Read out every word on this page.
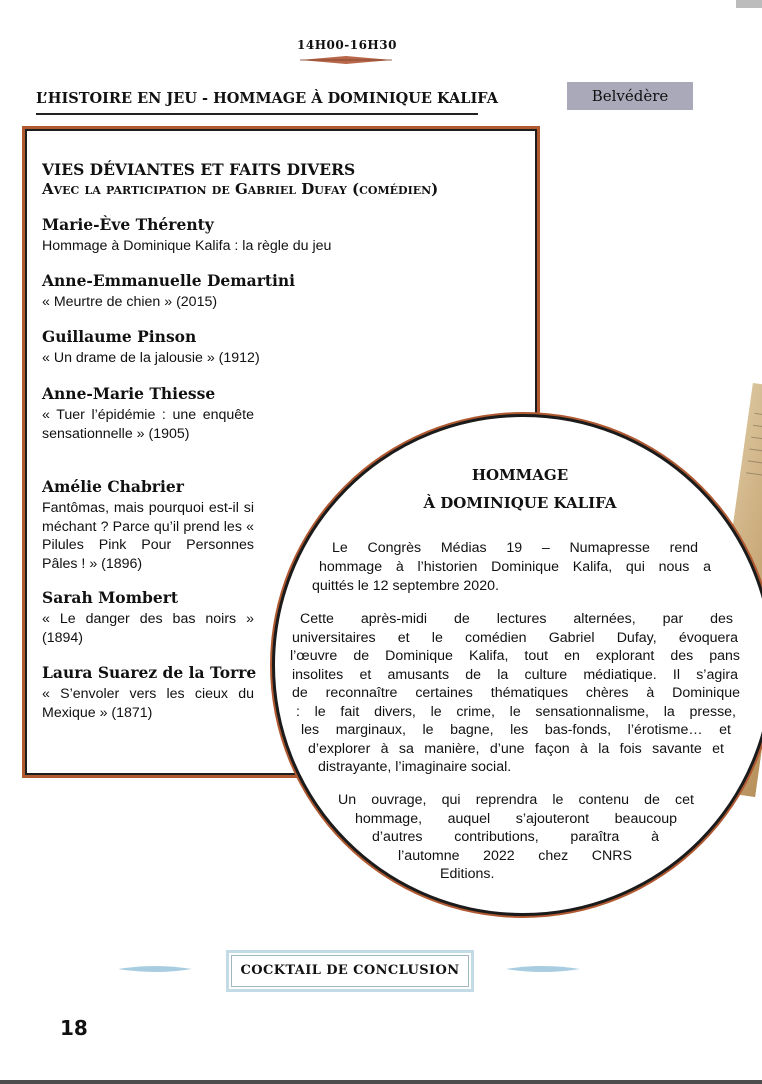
14H00-16H30
L’HISTOIRE EN JEU - HOMMAGE À DOMINIQUE KALIFA	Belvédère
VIES DÉVIANTES ET FAITS DIVERS
Avec la participation de Gabriel Dufay (comédien)
Marie-Ève Thérenty
Hommage à Dominique Kalifa : la règle du jeu
Anne-Emmanuelle Demartini
« Meurtre de chien » (2015)
Guillaume Pinson
« Un drame de la jalousie » (1912)
Anne-Marie Thiesse
« Tuer l’épidémie : une enquête sensationnelle » (1905)
Amélie Chabrier
Fantômas, mais pourquoi est-il si méchant ? Parce qu’il prend les « Pilules Pink Pour Personnes Pâles ! » (1896)
Sarah Mombert
« Le danger des bas noirs » (1894)
Laura Suarez de la Torre
« S’envoler vers les cieux du Mexique » (1871)
HOMMAGE
À DOMINIQUE KALIFA
Le Congrès Médias 19 – Numapresse rend
hommage à l’historien Dominique Kalifa, qui nous a
quittés le 12 septembre 2020.
Cette après-midi de lectures alternées, par des
universitaires et le comédien Gabriel Dufay, évoquera
l’œuvre de Dominique Kalifa, tout en explorant des pans
insolites et amusants de la culture médiatique. Il s’agira
de reconnaître certaines thématiques chères à Dominique
: le fait divers, le crime, le sensationnalisme, la presse,
les marginaux, le bagne, les bas-fonds, l’érotisme… et
d’explorer à sa manière, d’une façon à la fois savante et
distrayante, l’imaginaire social.
Un ouvrage, qui reprendra le contenu de cet
hommage, auquel s’ajouteront beaucoup
d’autres contributions, paraîtra à
l’automne 2022 chez CNRS
Editions.
COCKTAIL DE CONCLUSION
18
